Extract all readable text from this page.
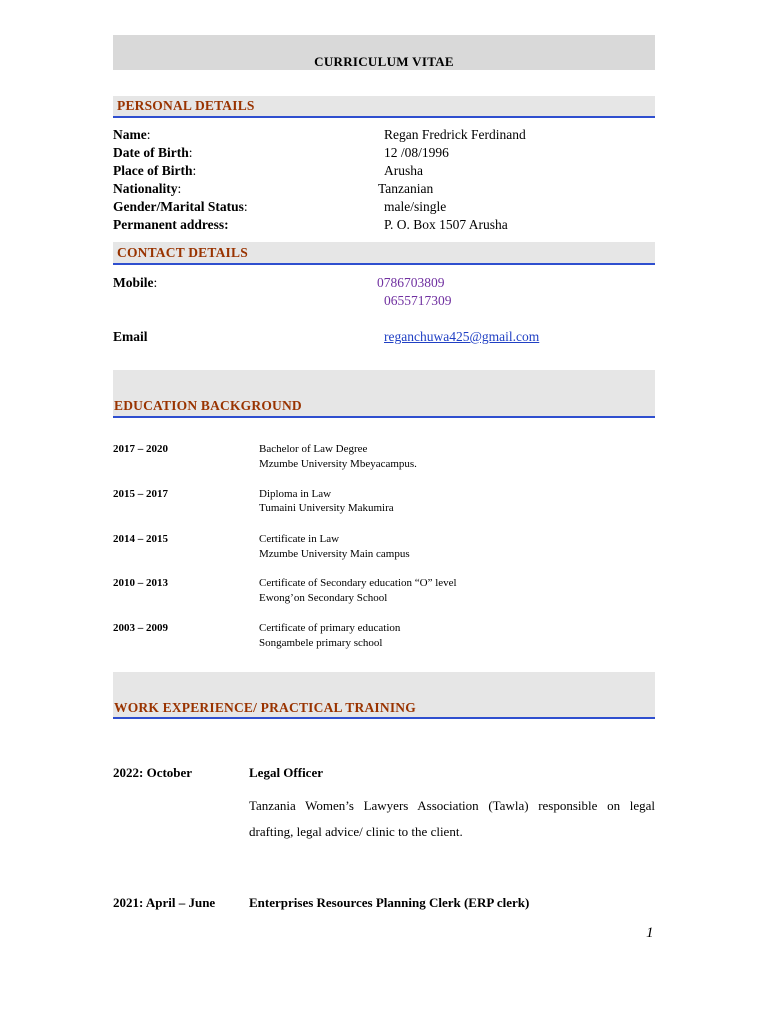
CURRICULUM VITAE
PERSONAL DETAILS
Name:	Regan Fredrick Ferdinand
Date of Birth:	12 /08/1996
Place of Birth:	Arusha
Nationality:	Tanzanian
Gender/Marital Status:	male/single
Permanent address:	P. O. Box 1507 Arusha
CONTACT DETAILS
Mobile:	0786703809
0655717309
Email	reganchuwa425@gmail.com
EDUCATION BACKGROUND
2017 – 2020	Bachelor of Law Degree
Mzumbe University Mbeyacampus.
2015 – 2017	Diploma in Law
Tumaini University Makumira
2014 – 2015	Certificate in Law
Mzumbe University Main campus
2010 – 2013	Certificate of Secondary education “O” level
Ewong’on Secondary School
2003 – 2009	Certificate of primary education
Songambele primary school
WORK EXPERIENCE/ PRACTICAL TRAINING
2022: October	Legal Officer
Tanzania Women’s Lawyers Association (Tawla) responsible on legal drafting, legal advice/ clinic to the client.
2021: April – June	Enterprises Resources Planning Clerk (ERP clerk)
1
